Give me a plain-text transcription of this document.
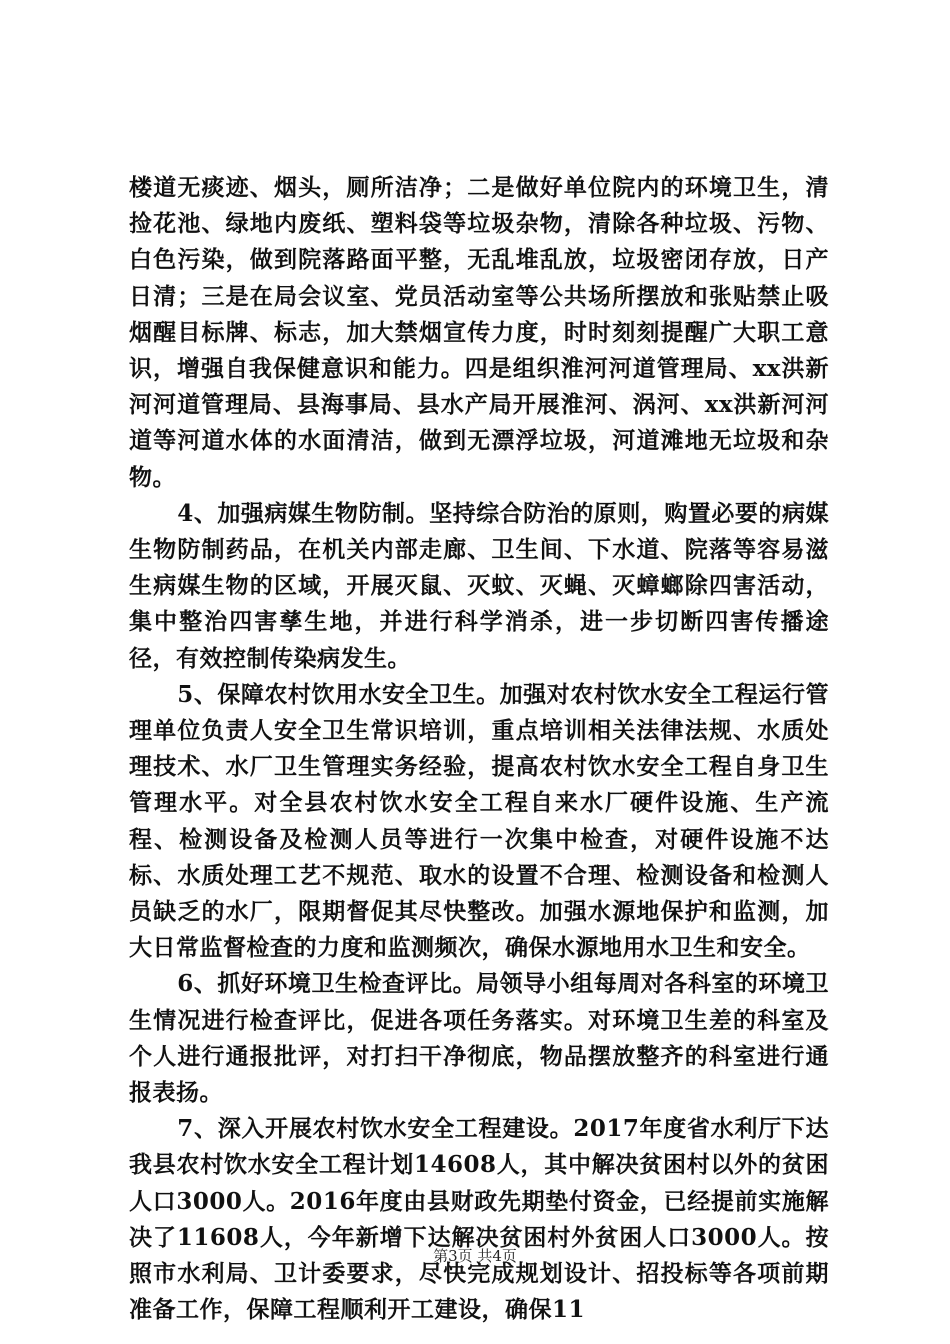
楼道无痰迹、烟头，厕所洁净；二是做好单位院内的环境卫生，清捡花池、绿地内废纸、塑料袋等垃圾杂物，清除各种垃圾、污物、白色污染，做到院落路面平整，无乱堆乱放，垃圾密闭存放，日产日清；三是在局会议室、党员活动室等公共场所摆放和张贴禁止吸烟醒目标牌、标志，加大禁烟宣传力度，时时刻刻提醒广大职工意识，增强自我保健意识和能力。四是组织淮河河道管理局、xx洪新河河道管理局、县海事局、县水产局开展淮河、涡河、xx洪新河河道等河道水体的水面清洁，做到无漂浮垃圾，河道滩地无垃圾和杂物。

4、加强病媒生物防制。坚持综合防治的原则，购置必要的病媒生物防制药品，在机关内部走廊、卫生间、下水道、院落等容易滋生病媒生物的区域，开展灭鼠、灭蚊、灭蝇、灭蟑螂除四害活动，集中整治四害孳生地，并进行科学消杀，进一步切断四害传播途径，有效控制传染病发生。

5、保障农村饮用水安全卫生。加强对农村饮水安全工程运行管理单位负责人安全卫生常识培训，重点培训相关法律法规、水质处理技术、水厂卫生管理实务经验，提高农村饮水安全工程自身卫生管理水平。对全县农村饮水安全工程自来水厂硬件设施、生产流程、检测设备及检测人员等进行一次集中检查，对硬件设施不达标、水质处理工艺不规范、取水的设置不合理、检测设备和检测人员缺乏的水厂，限期督促其尽快整改。加强水源地保护和监测，加大日常监督检查的力度和监测频次，确保水源地用水卫生和安全。

6、抓好环境卫生检查评比。局领导小组每周对各科室的环境卫生情况进行检查评比，促进各项任务落实。对环境卫生差的科室及个人进行通报批评，对打扫干净彻底，物品摆放整齐的科室进行通报表扬。

7、深入开展农村饮水安全工程建设。2017年度省水利厅下达我县农村饮水安全工程计划14608人，其中解决贫困村以外的贫困人口3000人。2016年度由县财政先期垫付资金，已经提前实施解决了11608人，今年新增下达解决贫困村外贫困人口3000人。按照市水利局、卫计委要求，尽快完成规划设计、招投标等各项前期准备工作，保障工程顺利开工建设，确保11

第3页 共4页
